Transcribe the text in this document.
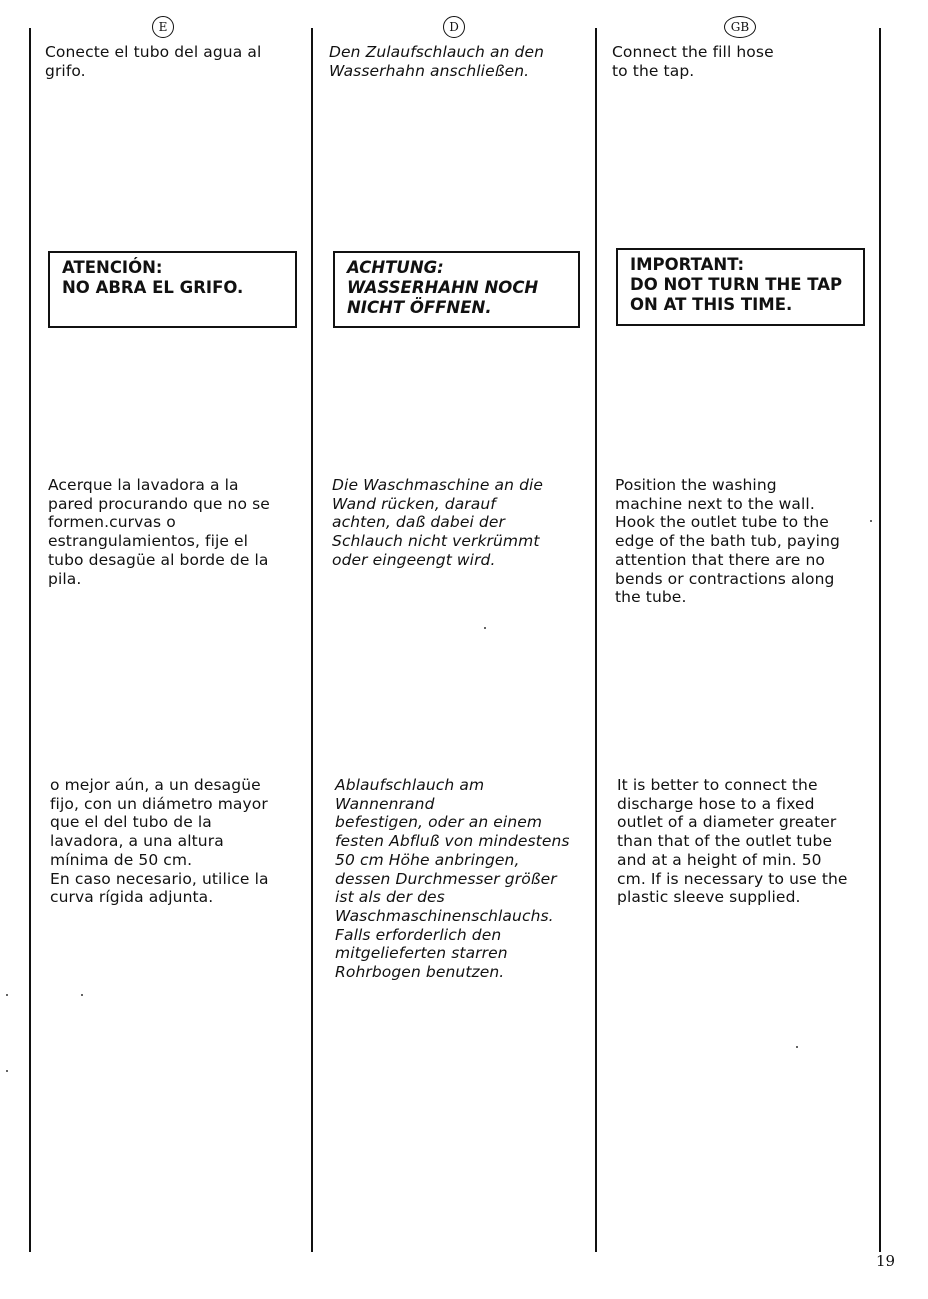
E
Conecte el tubo del agua al
grifo.
ATENCIÓN:
NO ABRA EL GRIFO.
Acerque la lavadora a la
pared procurando que no se
formen.curvas o
estrangulamientos, fije el
tubo desagüe al borde de la
pila.
o mejor aún, a un desagüe
fijo, con un diámetro mayor
que el del tubo de la
lavadora, a una altura
mínima de 50 cm.
En caso necesario, utilice la
curva rígida adjunta.
D
Den Zulaufschlauch an den
Wasserhahn anschließen.
ACHTUNG:
WASSERHAHN NOCH
NICHT ÖFFNEN.
Die Waschmaschine an die
Wand rücken, darauf
achten, daß dabei der
Schlauch nicht verkrümmt
oder eingeengt wird.
Ablaufschlauch am
Wannenrand
befestigen, oder an einem
festen Abfluß von mindestens
50 cm Höhe anbringen,
dessen Durchmesser größer
ist als der des
Waschmaschinenschlauchs.
Falls erforderlich den
mitgelieferten starren
Rohrbogen benutzen.
GB
Connect the fill hose
to the tap.
IMPORTANT:
DO NOT TURN THE TAP
ON AT THIS TIME.
Position the washing
machine next to the wall.
Hook the outlet tube to the
edge of the bath tub, paying
attention that there are no
bends or contractions along
the tube.
It is better to connect the
discharge hose to a fixed
outlet of a diameter greater
than that of the outlet tube
and at a height of min. 50
cm. If is necessary to use the
plastic sleeve supplied.
19
